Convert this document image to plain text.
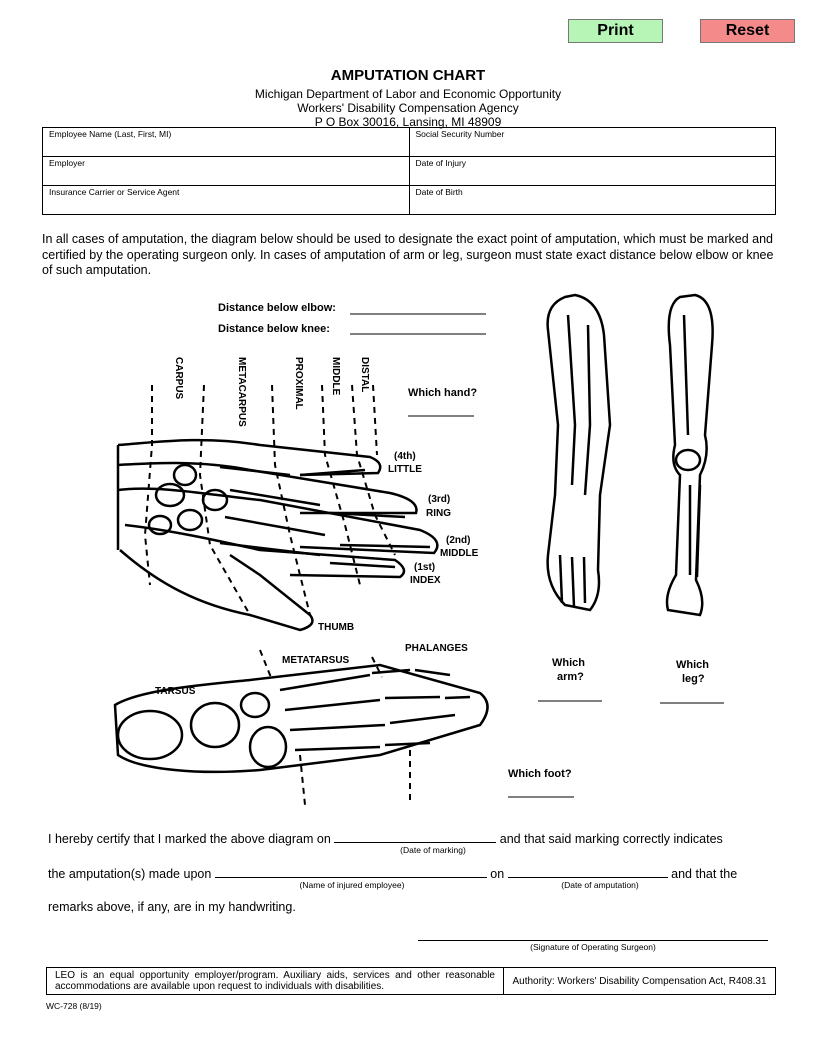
Print	Reset
AMPUTATION CHART
Michigan Department of Labor and Economic Opportunity
Workers' Disability Compensation Agency
P O Box 30016, Lansing, MI 48909
Employee Name (Last, First, MI)	Social Security Number
Employer	Date of Injury
Insurance Carrier or Service Agent	Date of Birth
In all cases of amputation, the diagram below should be used to designate the exact point of amputation, which must be marked and certified by the operating surgeon only. In cases of amputation of arm or leg, surgeon must state exact distance below elbow or knee of such amputation.
Distance below elbow:
Distance below knee:
CARPUS	METACARPUS	PROXIMAL	MIDDLE DISTAL
(4th)
LITTLE
(3rd)
RING
(2nd)
MIDDLE
(1st)
INDEX
THUMB
Which hand?
METATARSUS
PHALANGES
TARSUS
Which
arm?
Which
leg?
Which foot?
I hereby certify that I marked the above diagram on	and that said marking correctly indicates
(Date of marking)
the amputation(s) made upon	on	and that the
(Name of injured employee)	(Date of amputation)
remarks above, if any, are in my handwriting.
(Signature of Operating Surgeon)
LEO is an equal opportunity employer/program. Auxiliary aids, services and other reasonable accommodations are available upon request to individuals with disabilities.	Authority: Workers' Disability Compensation Act, R408.31
WC-728 (8/19)
